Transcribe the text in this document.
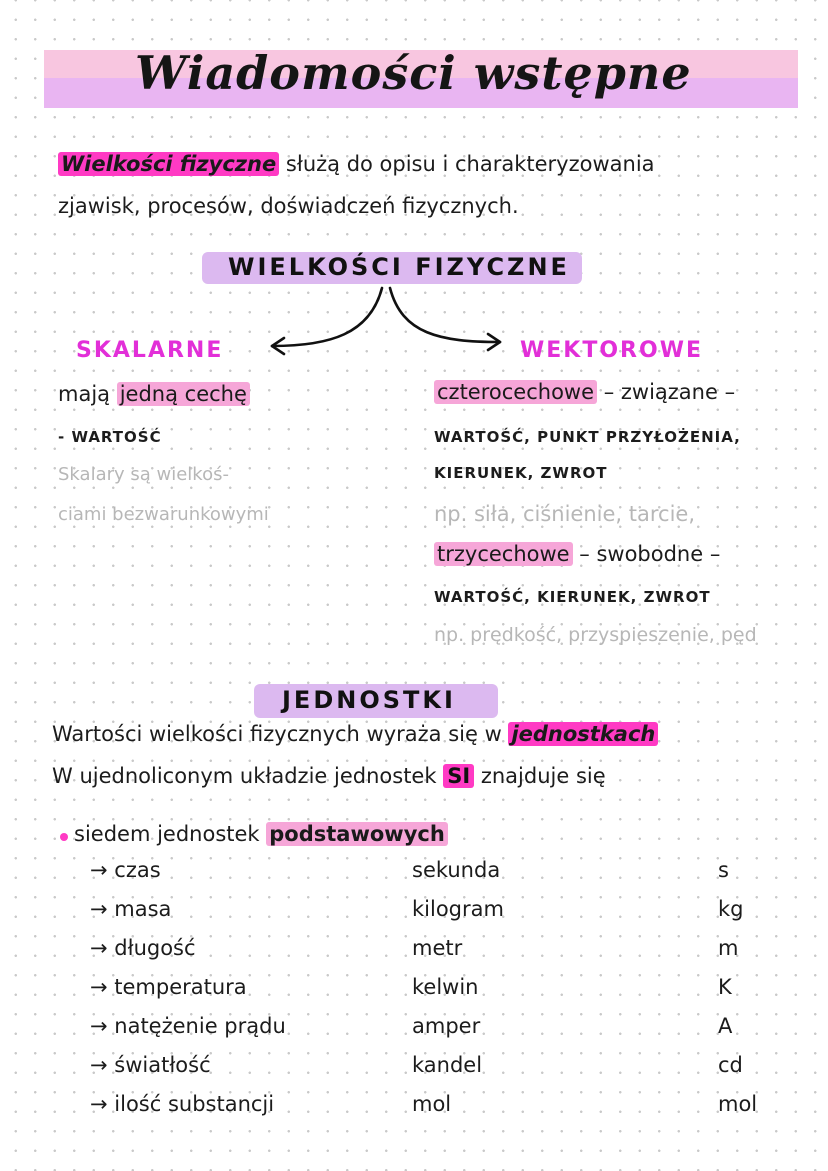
Wiadomości wstępne
Wielkości fizyczne służą do opisu i charakteryzowania
zjawisk, procesów, doświadczeń fizycznych.
WIELKOŚCI FIZYCZNE
SKALARNE
mają jedną cechę
- WARTOŚĆ
Skalary są wielkoś-
ciami bezwarunkowymi
WEKTOROWE
czterocechowe – związane –
WARTOŚĆ, PUNKT PRZYŁOŻENIA,
KIERUNEK, ZWROT
np. siła, ciśnienie, tarcie,
trzycechowe – swobodne –
WARTOŚĆ, KIERUNEK, ZWROT
np. prędkość, przyspieszenie, pęd
JEDNOSTKI
Wartości wielkości fizycznych wyraża się w jednostkach
W ujednoliconym układzie jednostek SI znajduje się
siedem jednostek podstawowych
→ czas	sekunda	s
→ masa	kilogram	kg
→ długość	metr	m
→ temperatura	kelwin	K
→ natężenie prądu	amper	A
→ światłość	kandel	cd
→ ilość substancji	mol	mol
